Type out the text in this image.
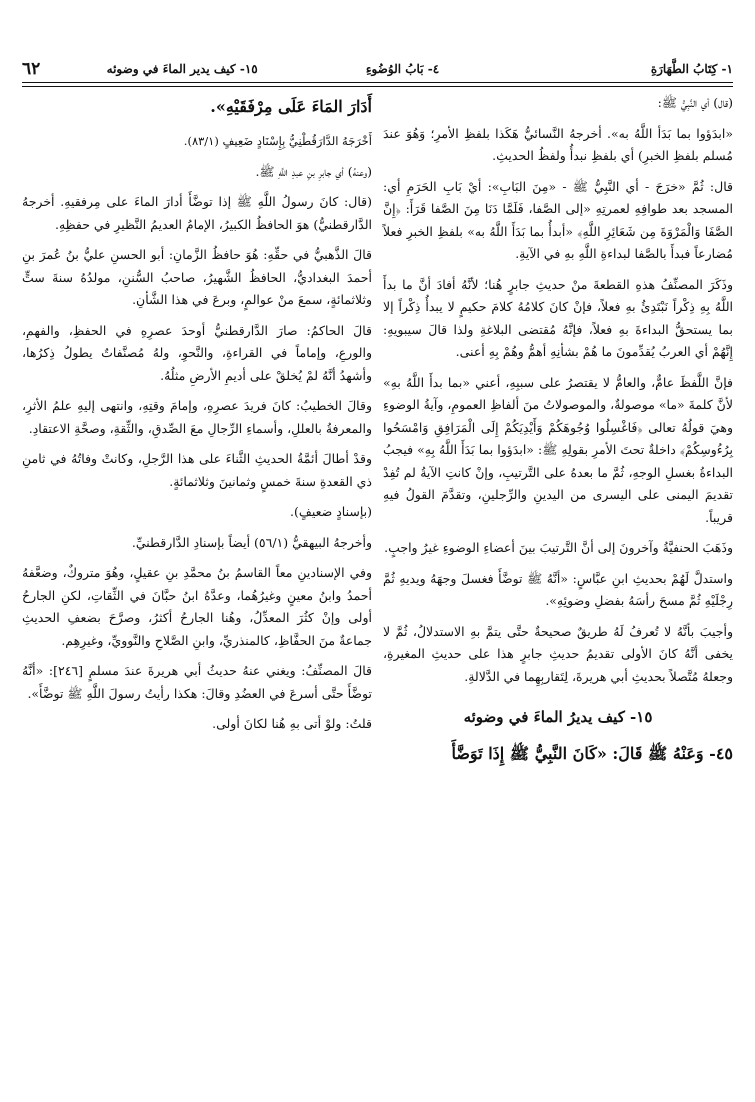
١- كِتَابُ الطَّهَارَةِ
٤- بَابُ الوُضُوءِ
١٥- كيف يدير الماءَ في وضوئه
٦٢

(قال) أي النَّبِيُّ ﷺ:

«ابدَؤوا بما بَدَأ اللَّهُ به». أخرجهُ النَّسائيُّ هَكَذا بلفظِ الأمرِ؛ وَهُوَ عندَ مُسلم بلفظِ الخبرِ) أي بلفظِ نبدأُ ولفظُ الحديثِ.

قال: ثُمَّ «خرَجَ - أي النَّبِيُّ ﷺ - «مِنَ البَابِ»: أيْ بَابِ الحَرَمِ أي: المسجد بعد طوافِهِ لعمرتِهِ «إلى الصَّفا، فَلَمَّا دَنَا مِنَ الصَّفا قَرَأَ: ﴿إِنَّ الصَّفَا وَالْمَرْوَةَ مِن شَعَائِرِ اللَّهِ﴾ «أبدأُ بما بَدَأَ اللَّهُ به» بلفظِ الخبرِ فعلاً مُضارعاً فبدأَ بالصَّفا لبداءةِ اللَّهِ بهِ في الآيةِ.

وذَكَرَ المصنِّفُ هذهِ القطعةَ منْ حديثِ جابرٍ هُنا؛ لأنَّهُ أفادَ أنَّ ما بدأَ اللَّهُ بِهِ ذِكْراً نَبْتَدِئُ بهِ فعلاً، فإنْ كانَ كلامُهُ كلامَ حكيمٍ لا يبدأُ ذِكْراً إلا بما يستحقُّ البداءةَ بهِ فعلاً، فإنَّهُ مُقتضى البلاغةِ ولذا قالَ سيبويهِ: إِنَّهُمْ أي العربُ يُقدِّمونَ ما هُمْ بشأنِهِ أهمُّ وهُمْ بِهِ أعنى.

فإنَّ اللَّفظَ عامٌّ، والعامُّ لا يقتصرُ على سببِهِ، أعني «بما بدأَ اللَّهُ بهِ» لأنَّ كلمةَ «ما» موصولةٌ، والموصولاتُ منَ ألفاظِ العمومِ، وآيةُ الوضوءِ وهيَ قولُهُ تعالى ﴿فَاغْسِلُوا وُجُوهَكُمْ وَأَيْدِيَكُمْ إِلَى الْمَرَافِقِ وَامْسَحُوا بِرُءُوسِكُمْ﴾ داخلةٌ تحتَ الأمرِ بقولِهِ ﷺ: «ابدَؤوا بما بَدَأَ اللَّهُ بِهِ» فيجبُ البداءةُ بغسلِ الوجهِ، ثُمَّ ما بعدهُ على التَّرتيبِ، وإنْ كانتِ الآيةُ لم تُفِدْ تقديمَ اليمنى على اليسرى من اليدينِ والرِّجلينِ، وتقدَّمَ القولُ فيهِ قريباً.

وذَهَبَ الحنفيَّةُ وآخرونَ إلى أنَّ التَّرتيبَ بينَ أعضاءِ الوضوءِ غيرُ واجبٍ.

واستدلَّ لَهُمْ بحديثِ ابنِ عبَّاسٍ: «أنَّهُ ﷺ توضَّأَ فغسلَ وجهَهُ ويديهِ ثُمَّ رِجْلَيْهِ ثُمَّ مسحَ رأسَهُ بفضلِ وضوئِهِ».

وأجيبَ بأنَّهُ لا تُعرفُ لَهُ طريقٌ صحيحةٌ حتَّى يتمَّ بهِ الاستدلالُ، ثُمَّ لا يخفى أنَّهُ كانَ الأولى تقديمُ حديثِ جابرٍ هذا على حديثِ المغيرةِ، وجعلهُ مُتَّصلاً بحديثِ أبي هريرةَ، لِتَقاربِهِما في الدَّلالةِ.

١٥- كيف يديرُ الماءَ في وضوئه
٤٥- وَعَنْهُ ﷺ قَالَ: «كَانَ النَّبِيُّ ﷺ إِذَا تَوَضَّأَ
أَدَارَ المَاءَ عَلَى مِرْفَقَيْهِ».

أَخْرَجَهُ الدَّارَقُطْنِيُّ بِإِسْنَادٍ ضَعِيفٍ (٨٣/١).

(وعنهُ) أي جابرِ بنِ عبدِ اللَّهِ ﷺ.

(قال: كانَ رسولُ اللَّهِ ﷺ إذا توضَّأَ أدارَ الماءَ على مِرفقيهِ. أخرجهُ الدَّارقطنيُّ) هوَ الحافظُ الكبيرُ، الإمامُ العديمُ النَّظيرِ في حفظِهِ.

قالَ الذَّهبيُّ في حقِّهِ: هُوَ حافظُ الزَّمانِ: أبو الحسنِ عليُّ بنُ عُمرَ بنِ أحمدَ البغداديُّ، الحافظُ الشَّهيرُ، صاحبُ السُّننِ، مولدُهُ سنةَ ستٍّ وثلاثمائةٍ، سمعَ منْ عوالمٍ، وبرعَ في هذا الشَّأنِ.

قالَ الحاكمُ: صارَ الدَّارقطنيُّ أوحدَ عصرِهِ في الحفظِ، والفهمِ، والورعِ، وإماماً في القراءةِ، والنَّحوِ، ولهُ مُصنَّفاتٌ يطولُ ذِكرُها، وأشهدُ أنَّهُ لمْ يُخلقْ على أديمِ الأرضِ مثلُهُ.

وقالَ الخطيبُ: كانَ فريدَ عصرِهِ، وإمامَ وقتِهِ، وانتهى إليهِ علمُ الأثرِ، والمعرفةُ بالعللِ، وأسماءِ الرِّجالِ معَ الصِّدقِ، والثِّقةِ، وصحَّةِ الاعتقادِ.

وقدْ أطالَ أئمَّةُ الحديثِ الثَّناءَ على هذا الرَّجلِ، وكانتْ وفاتُهُ في ثامنِ ذي القعدةِ سنةَ خمسٍ وثمانينَ وثلاثمائةٍ.

(بإسنادٍ ضعيفٍ).

وأخرجهُ البيهقيُّ (٥٦/١) أيضاً بإسنادِ الدَّارقطنيِّ.

وفي الإسنادينِ معاً القاسمُ بنُ محمَّدِ بنِ عقيلٍ، وهُوَ متروكٌ، وضعَّفهُ أحمدُ وابنُ معينٍ وغيرُهُما، وعدَّهُ ابنُ حبَّانَ في الثِّقاتِ، لكنِ الجارحُ أولى وإنْ كثُرَ المعدِّلُ، وهُنا الجارحُ أكثرُ، وصرَّحَ بضعفِ الحديثِ جماعةٌ منَ الحفَّاظِ، كالمنذريِّ، وابنِ الصَّلاحِ والنَّوويِّ، وغيرِهِم.

قالَ المصنِّفُ: ويغني عنهُ حديثُ أبي هريرةَ عندَ مسلمٍ [٢٤٦]: «أنَّهُ توضَّأَ حتَّى أسرعَ في العضُدِ وقالَ: هكذا رأيتُ رسولَ اللَّهِ ﷺ توضَّأَ».

قلتُ: ولوْ أتى بهِ هُنا لكانَ أولى.
